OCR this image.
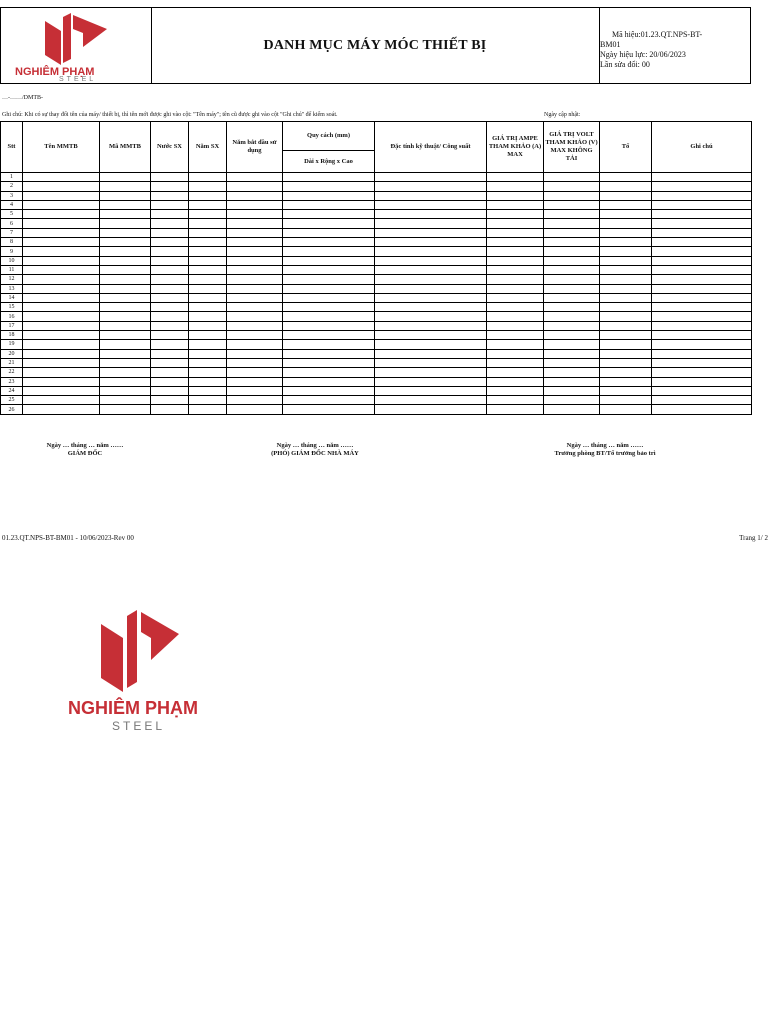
NGHIÊM PHẠM
STEEL
DANH MỤC MÁY MÓC THIẾT BỊ
Mã hiệu:01.23.QT.NPS-BT-
BM01
Ngày hiệu lực: 20/06/2023
Lần sửa đổi: 00
…-……/DMTB-
Ghi chú: Khi có sự thay đổi tên của máy/ thiết bị, thì tên mới được ghi vào cột: "Tên máy"; tên cũ được ghi vào cột "Ghi chú" để kiểm soát.	Ngày cập nhật:
Stt	Tên MMTB	Mã MMTB	Nước SX	Năm SX	Năm bắt đầu sử dụng	Quy cách (mm)	Đặc tính kỹ thuật/ Công suất	GIÁ TRỊ AMPE THAM KHẢO (A) MAX	GIÁ TRỊ VOLT THAM KHẢO (V) MAX KHÔNG TẢI	Tổ	Ghi chú
						Dài x Rộng x Cao					
1											
2											
3											
4											
5											
6											
7											
8											
9											
10											
11											
12											
13											
14											
15											
16											
17											
18											
19											
20											
21											
22											
23											
24											
25											
26											
Ngày … tháng … năm ……
GIÁM ĐỐC
Ngày … tháng … năm ……
(PHÓ) GIÁM ĐỐC NHÀ MÁY
Ngày … tháng … năm ……
Trưởng phòng BT/Tổ trưởng bảo trì
01.23.QT.NPS-BT-BM01 - 10/06/2023-Rev 00	Trang 1/ 2
NGHIÊM PHẠM
STEEL
